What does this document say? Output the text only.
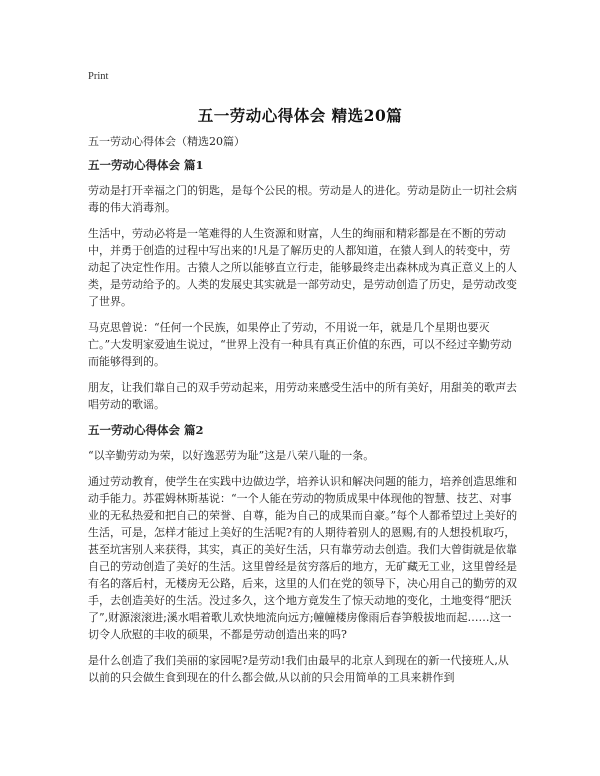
Print
五一劳动心得体会 精选20篇
五一劳动心得体会（精选20篇）
五一劳动心得体会 篇1

劳动是打开幸福之门的钥匙，是每个公民的根。劳动是人的进化。劳动是防止一切社会病毒的伟大消毒剂。

生活中，劳动必将是一笔难得的人生资源和财富，人生的绚丽和精彩都是在不断的劳动中，并勇于创造的过程中写出来的!凡是了解历史的人都知道，在猿人到人的转变中，劳动起了决定性作用。古猿人之所以能够直立行走，能够最终走出森林成为真正意义上的人类，是劳动给予的。人类的发展史其实就是一部劳动史，是劳动创造了历史，是劳动改变了世界。

马克思曾说：“任何一个民族，如果停止了劳动，不用说一年，就是几个星期也要灭亡。”大发明家爱迪生说过，“世界上没有一种具有真正价值的东西，可以不经过辛勤劳动而能够得到的。

朋友，让我们靠自己的双手劳动起来，用劳动来感受生活中的所有美好，用甜美的歌声去唱劳动的歌谣。

五一劳动心得体会 篇2

“以辛勤劳动为荣，以好逸恶劳为耻”这是八荣八耻的一条。

通过劳动教育，使学生在实践中边做边学，培养认识和解决问题的能力，培养创造思维和动手能力。苏霍姆林斯基说：“一个人能在劳动的物质成果中体现他的智慧、技艺、对事业的无私热爱和把自己的荣誉、自尊，能为自己的成果而自豪。”每个人都希望过上美好的生活，可是，怎样才能过上美好的生活呢?有的人期待着别人的恩赐,有的人想投机取巧，甚至坑害别人来获得，其实，真正的美好生活，只有靠劳动去创造。我们大曾街就是依靠自己的劳动创造了美好的生活。这里曾经是贫穷落后的地方，无矿藏无工业，这里曾经是有名的落后村，无楼房无公路，后来，这里的人们在党的领导下，决心用自己的勤劳的双手，去创造美好的生活。没过多久，这个地方竟发生了惊天动地的变化，土地变得“肥沃了”,财源滚滚进;溪水唱着歌儿欢快地流向远方;幢幢楼房像雨后春笋般拔地而起……这一切令人欣慰的丰收的硕果，不都是劳动创造出来的吗?

是什么创造了我们美丽的家园呢?是劳动!我们由最早的北京人到现在的新一代接班人,从以前的只会做生食到现在的什么都会做,从以前的只会用简单的工具来耕作到
